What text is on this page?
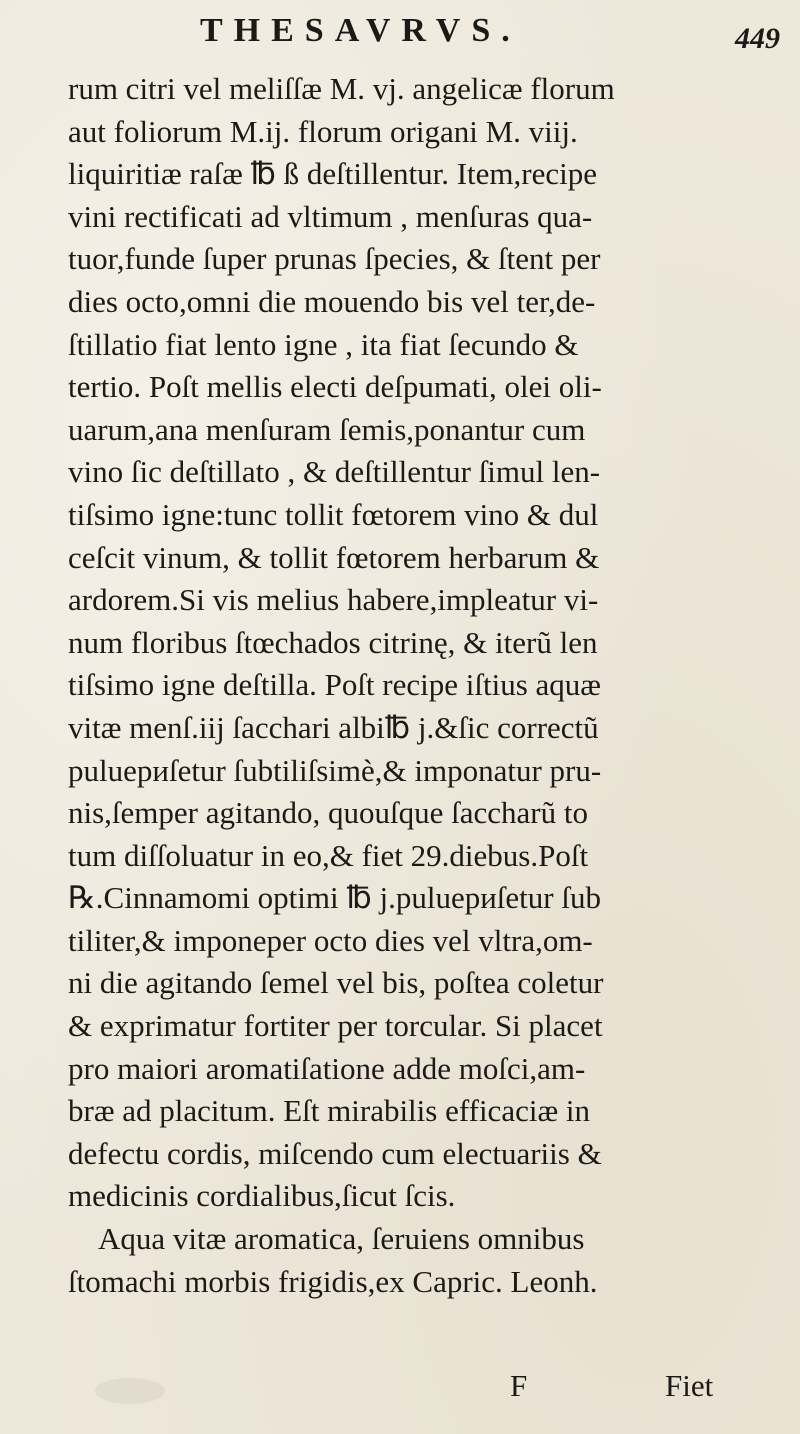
THESAVRVS.	449
rum citri vel meliſſæ M. vj. angelicæ florum
aut foliorum M.ij. florum origani M. viij.
liquiritiæ raſæ ℔ ß deſtillentur. Item,recipe
vini rectificati ad vltimum , menſuras qua-
tuor,funde ſuper prunas ſpecies, & ſtent per
dies octo,omni die mouendo bis vel ter,de-
ſtillatio fiat lento igne , ita fiat ſecundo &
tertio. Poſt mellis electi deſpumati, olei oli-
uarum,ana menſuram ſemis,ponantur cum
vino ſic deſtillato , & deſtillentur ſimul len-
tiſsimo igne:tunc tollit fœtorem vino & dul
ceſcit vinum, & tollit fœtorem herbarum &
ardorem.Si vis melius habere,impleatur vi-
num floribus ſtœchados citrinę, & iterũ len
tiſsimo igne deſtilla. Poſt recipe iſtius aquæ
vitæ menſ.iij ſacchari albi℔ j.&ſic correctũ
puluериſetur ſubtiliſsimè,& imponatur pru-
nis,ſemper agitando, quouſque ſaccharũ to
tum diſſoluatur in eo,& fiet 29.diebus.Poſt
℞.Cinnamomi optimi ℔ j.puluериſetur ſub
tiliter,& imponeper octo dies vel vltra,om-
ni die agitando ſemel vel bis, poſtea coletur
& exprimatur fortiter per torcular. Si placet
pro maiori aromatiſatione adde moſci,am-
bræ ad placitum. Eſt mirabilis efficaciæ in
defectu cordis, miſcendo cum electuariis &
medicinis cordialibus,ſicut ſcis.
Aqua vitæ aromatica, ſeruiens omnibus
ſtomachi morbis frigidis,ex Capric. Leonh.
F	Fiet
